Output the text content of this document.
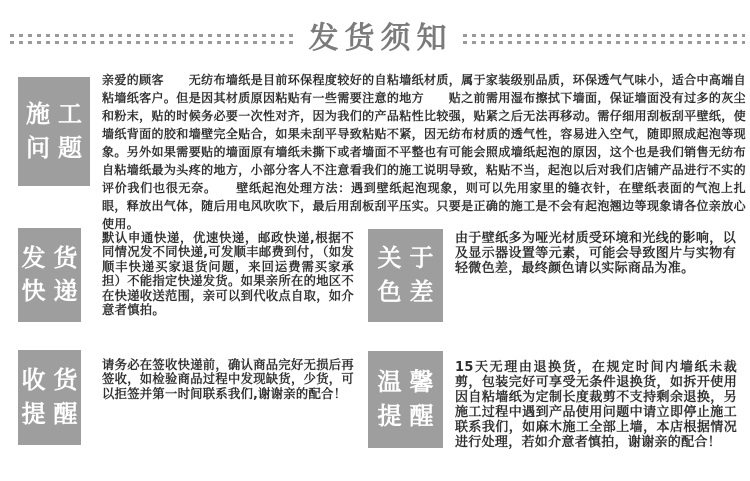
发货须知
施工
问题

亲爱的顾客　　无纺布墙纸是目前环保程度较好的自粘墙纸材质，属于家装级别品质，环保透气气味小，适合中高端自粘墙纸客户。但是因其材质原因粘贴有一些需要注意的地方　　贴之前需用湿布擦拭下墙面，保证墙面没有过多的灰尘和粉末，贴的时候务必要一次性对齐，因为我们的产品粘性比较强，贴紧之后无法再移动。需仔细用刮板刮平壁纸，使墙纸背面的胶和墙壁完全贴合，如果未刮平导致粘贴不紧，因无纺布材质的透气性，容易进入空气，随即照成起泡等现象。另外如果需要贴的墙面原有墙纸未撕下或者墙面不平整也有可能会照成墙纸起泡的原因，这个也是我们销售无纺布自粘墙纸最为头疼的地方，小部分客人不注意看我们的施工说明导致，粘贴不当，起泡以后对我们店铺产品进行不实的评价我们也很无奈。　　壁纸起泡处理方法：遇到壁纸起泡现象，则可以先用家里的缝衣针，在壁纸表面的气泡上扎眼，释放出气体，随后用电风吹吹下，最后用刮板刮平压实。只要是正确的施工是不会有起泡翘边等现象请各位亲放心使用。

发货
快递

默认申通快递，优速快递，邮政快递,根据不同情况发不同快递,可发顺丰邮费到付，（如发顺丰快递买家退货问题，来回运费需买家承担）不能指定快递发货。如果亲所在的地区不在快递收送范围，亲可以到代收点自取，如介意者慎拍。

关于
色差

由于壁纸多为哑光材质受环境和光线的影响，以及显示器设置等元素，可能会导致图片与实物有轻微色差，最终颜色请以实际商品为准。

收货
提醒

请务必在签收快递前，确认商品完好无损后再签收，如检验商品过程中发现缺货，少货，可以拒签并第一时间联系我们,谢谢亲的配合！	温馨
提醒

15天无理由退换货，在规定时间内墙纸未裁剪，包装完好可享受无条件退换货，如拆开使用因自粘墙纸为定制长度裁剪不支持剩余退换，另施工过程中遇到产品使用问题中请立即停止施工联系我们，如麻木施工全部上墙，本店根据情况进行处理，若如介意者慎拍，谢谢亲的配合！
